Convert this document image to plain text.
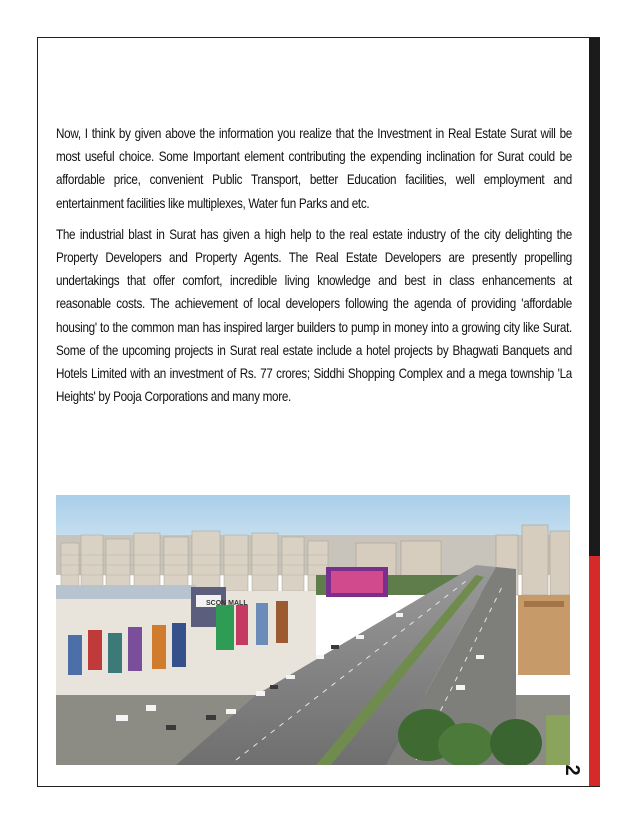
Now, I think by given above the information you realize that the Investment in Real Estate Surat will be most useful choice. Some Important element contributing the expending inclination for Surat could be affordable price, convenient Public Transport, better Education facilities, well employment and entertainment facilities like multiplexes, Water fun Parks and etc.

The industrial blast in Surat has given a high help to the real estate industry of the city delighting the Property Developers and Property Agents. The Real Estate Developers are presently propelling undertakings that offer comfort, incredible living knowledge and best in class enhancements at reasonable costs. The achievement of local developers following the agenda of providing 'affordable housing' to the common man has inspired larger builders to pump in money into a growing city like Surat. Some of the upcoming projects in Surat real estate include a hotel projects by Bhagwati Banquets and Hotels Limited with an investment of Rs. 77 crores; Siddhi Shopping Complex and a mega township 'La Heights' by Pooja Corporations and many more.

SCON MALL
2
